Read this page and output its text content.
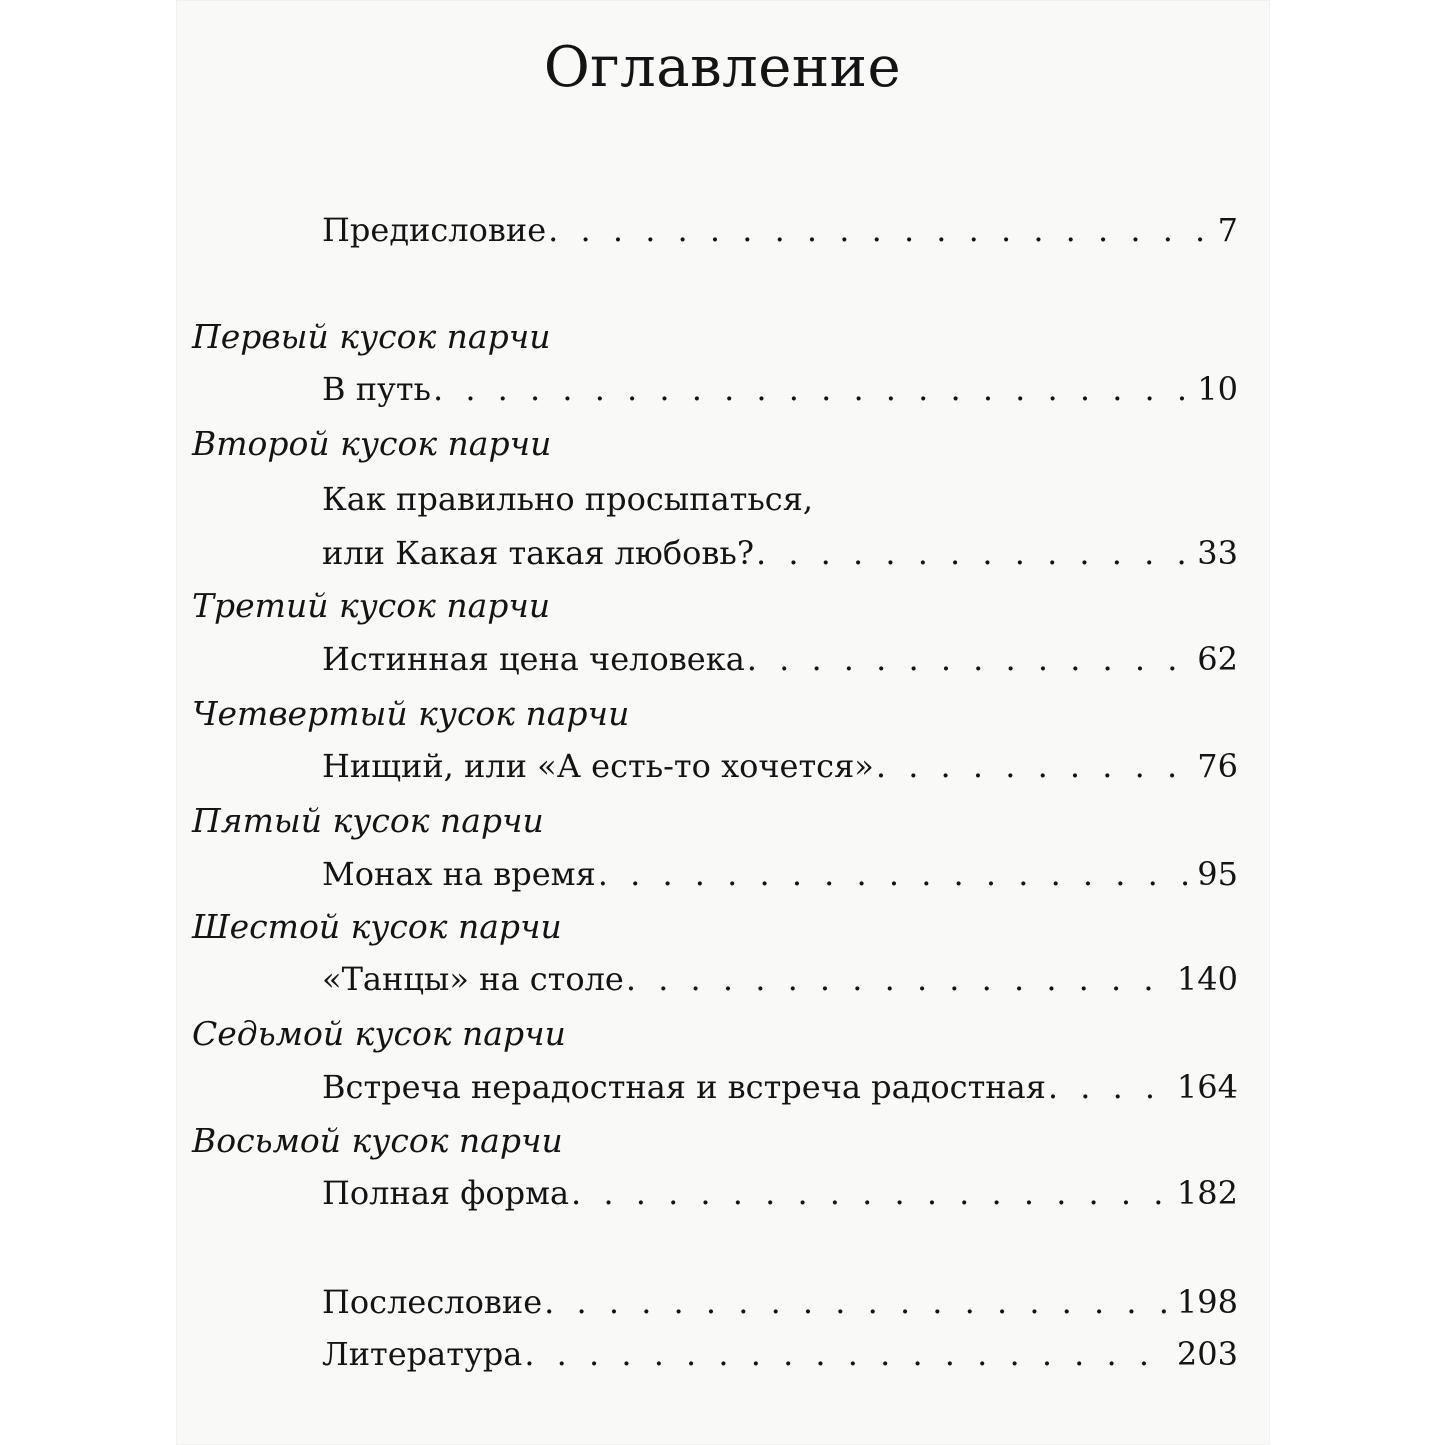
Оглавление
Предисловие . . .	7
Первый кусок парчи
В путь . . .	10
Второй кусок парчи
Как правильно просыпаться,
или Какая такая любовь? . . .	33
Третий кусок парчи
Истинная цена человека . . .	62
Четвертый кусок парчи
Нищий, или «А есть-то хочется» . . .	76
Пятый кусок парчи
Монах на время . . .	95
Шестой кусок парчи
«Танцы» на столе . . .	140
Седьмой кусок парчи
Встреча нерадостная и встреча радостная . . .	164
Восьмой кусок парчи
Полная форма . . .	182
Послесловие . . .	198
Литература . . .	203
